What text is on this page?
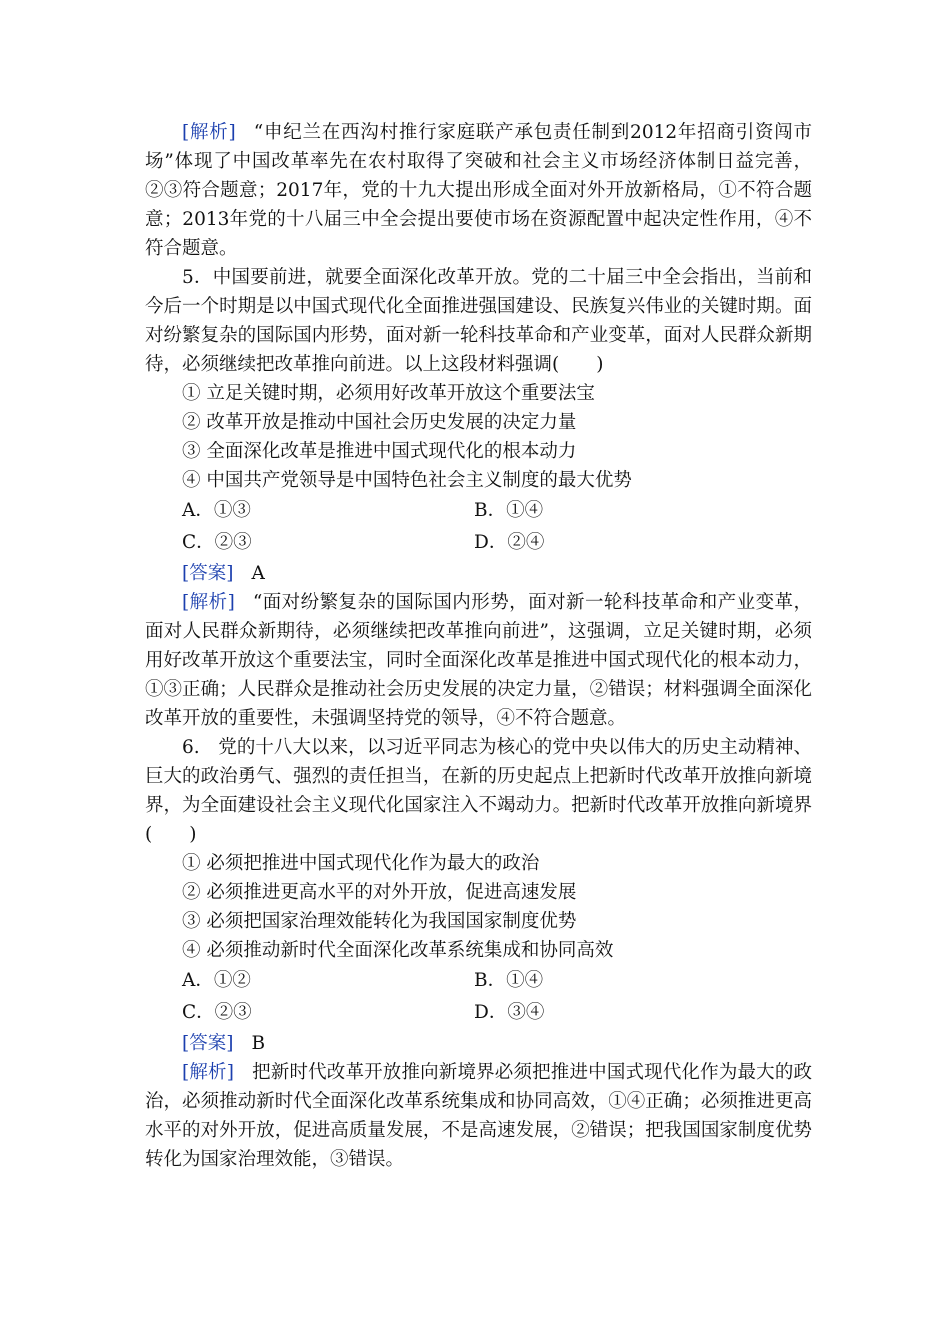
[解析] “申纪兰在西沟村推行家庭联产承包责任制到2012年招商引资闯市场”体现了中国改革率先在农村取得了突破和社会主义市场经济体制日益完善，②③符合题意；2017年，党的十九大提出形成全面对外开放新格局，①不符合题意；2013年党的十八届三中全会提出要使市场在资源配置中起决定性作用，④不符合题意。

5．中国要前进，就要全面深化改革开放。党的二十届三中全会指出，当前和今后一个时期是以中国式现代化全面推进强国建设、民族复兴伟业的关键时期。面对纷繁复杂的国际国内形势，面对新一轮科技革命和产业变革，面对人民群众新期待，必须继续把改革推向前进。以上这段材料强调(　　)

① 立足关键时期，必须用好改革开放这个重要法宝

② 改革开放是推动中国社会历史发展的决定力量

③ 全面深化改革是推进中国式现代化的根本动力

④ 中国共产党领导是中国特色社会主义制度的最大优势

A．①③	B．①④
C．②③	D．②④

[答案] A

[解析] “面对纷繁复杂的国际国内形势，面对新一轮科技革命和产业变革，面对人民群众新期待，必须继续把改革推向前进”，这强调，立足关键时期，必须用好改革开放这个重要法宝，同时全面深化改革是推进中国式现代化的根本动力，①③正确；人民群众是推动社会历史发展的决定力量，②错误；材料强调全面深化改革开放的重要性，未强调坚持党的领导，④不符合题意。

6.　党的十八大以来，以习近平同志为核心的党中央以伟大的历史主动精神、巨大的政治勇气、强烈的责任担当，在新的历史起点上把新时代改革开放推向新境界，为全面建设社会主义现代化国家注入不竭动力。把新时代改革开放推向新境界(　　)

① 必须把推进中国式现代化作为最大的政治

② 必须推进更高水平的对外开放，促进高速发展

③ 必须把国家治理效能转化为我国国家制度优势

④ 必须推动新时代全面深化改革系统集成和协同高效

A．①②	B．①④
C．②③	D．③④

[答案] B

[解析] 把新时代改革开放推向新境界必须把推进中国式现代化作为最大的政治，必须推动新时代全面深化改革系统集成和协同高效，①④正确；必须推进更高水平的对外开放，促进高质量发展，不是高速发展，②错误；把我国国家制度优势转化为国家治理效能，③错误。
